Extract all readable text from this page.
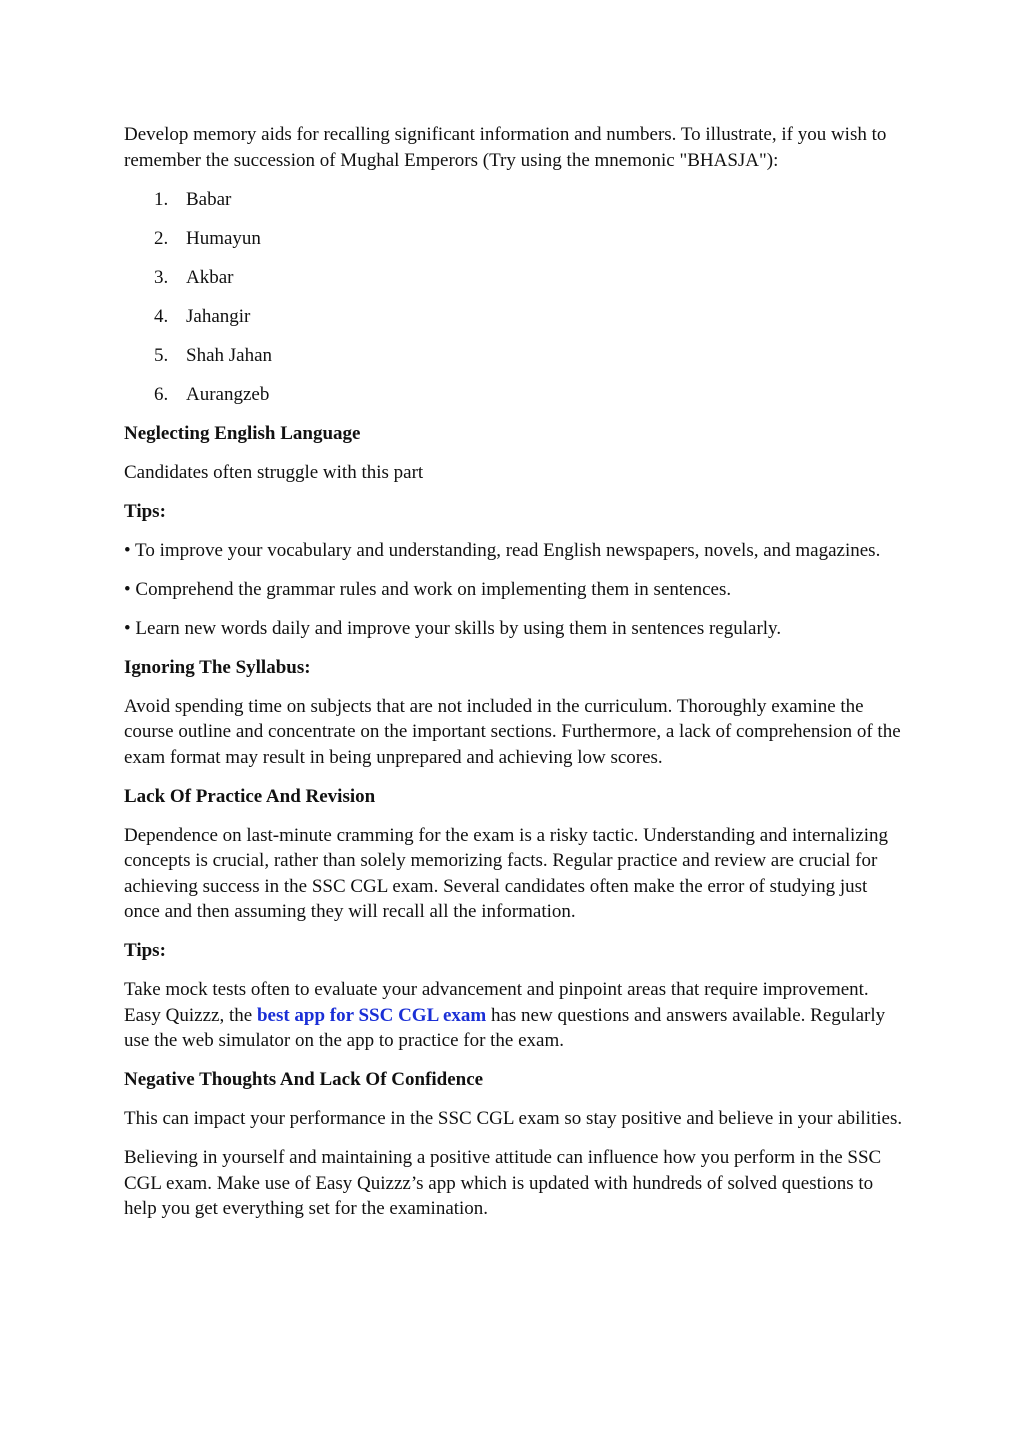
Develop memory aids for recalling significant information and numbers. To illustrate, if you wish to remember the succession of Mughal Emperors (Try using the mnemonic "BHASJA"):

1. Babar
2. Humayun
3. Akbar
4. Jahangir
5. Shah Jahan
6. Aurangzeb

Neglecting English Language

Candidates often struggle with this part

Tips:

• To improve your vocabulary and understanding, read English newspapers, novels, and magazines.

• Comprehend the grammar rules and work on implementing them in sentences.

• Learn new words daily and improve your skills by using them in sentences regularly.

Ignoring The Syllabus:

Avoid spending time on subjects that are not included in the curriculum. Thoroughly examine the course outline and concentrate on the important sections. Furthermore, a lack of comprehension of the exam format may result in being unprepared and achieving low scores.

Lack Of Practice And Revision

Dependence on last-minute cramming for the exam is a risky tactic. Understanding and internalizing concepts is crucial, rather than solely memorizing facts. Regular practice and review are crucial for achieving success in the SSC CGL exam. Several candidates often make the error of studying just once and then assuming they will recall all the information.

Tips:

Take mock tests often to evaluate your advancement and pinpoint areas that require improvement. Easy Quizzz, the best app for SSC CGL exam has new questions and answers available. Regularly use the web simulator on the app to practice for the exam.

Negative Thoughts And Lack Of Confidence

This can impact your performance in the SSC CGL exam so stay positive and believe in your abilities.

Believing in yourself and maintaining a positive attitude can influence how you perform in the SSC CGL exam. Make use of Easy Quizzz’s app which is updated with hundreds of solved questions to help you get everything set for the examination.
